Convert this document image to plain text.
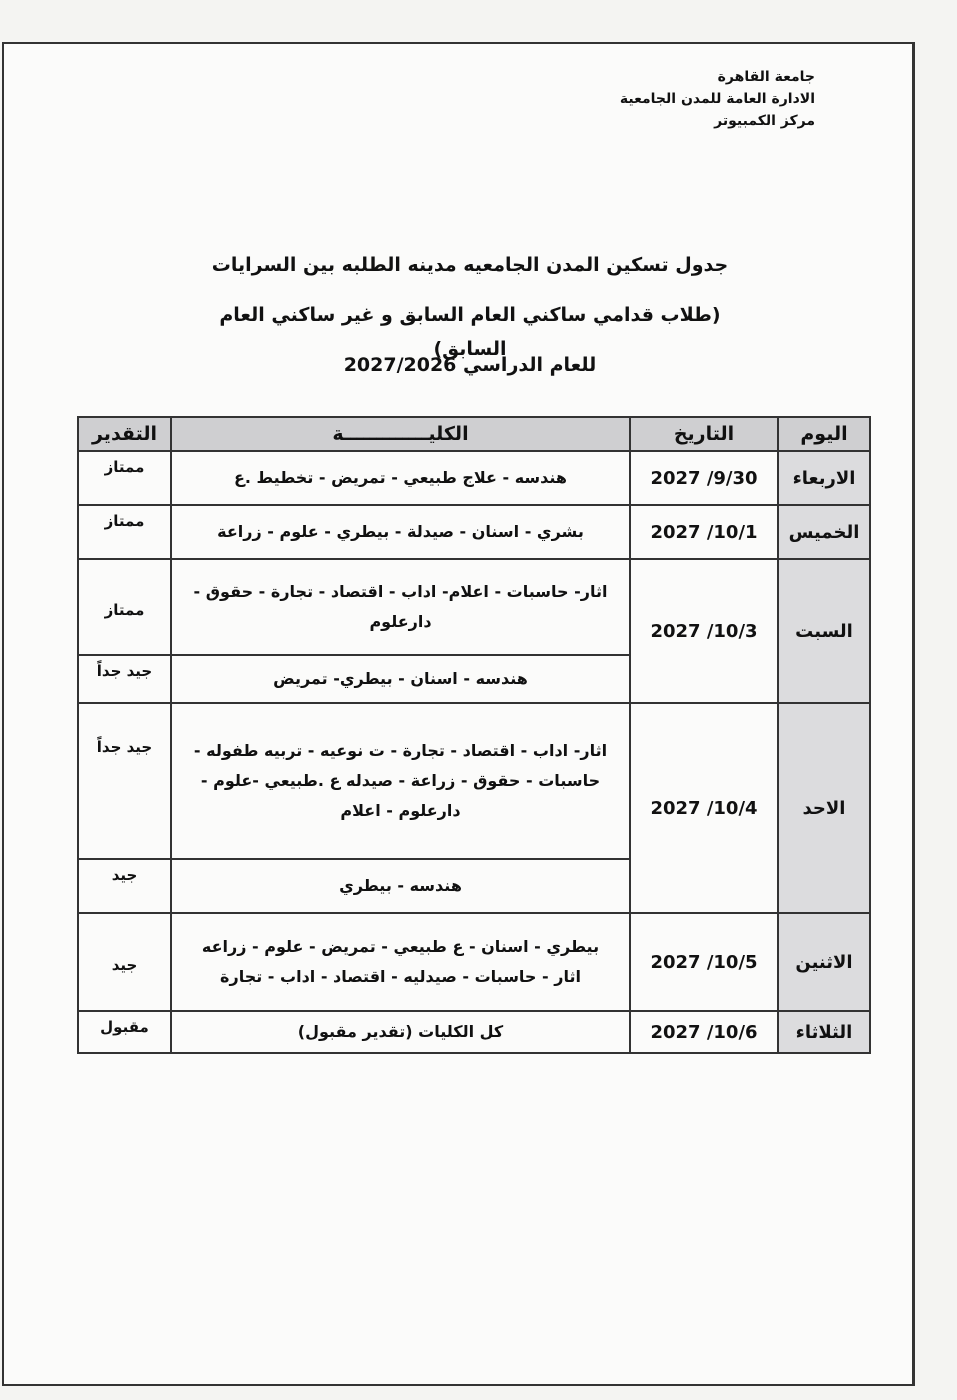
جامعة القاهرة
الادارة العامة للمدن الجامعية
مركز الكمبيوتر
جدول تسكين المدن الجامعيه مدينه الطلبه بين السرايات
(طلاب قدامي ساكني العام السابق و غير ساكني العام السابق)
للعام الدراسي 2027/2026
اليوم	التاريخ	الكليـــــــــــــة	التقدير
الاربعاء	2027 /9/30	هندسه - علاج طبيعي - تمريض - تخطيط .ع	ممتاز
الخميس	2027 /10/1	بشري - اسنان - صيدلة - بيطري - علوم - زراعة	ممتاز
السبت	2027 /10/3	اثار- حاسبات - اعلام- اداب - اقتصاد - تجارة - حقوق - دارعلوم	ممتاز
		هندسه - اسنان - بيطري- تمريض	جيد جداً
الاحد	2027 /10/4	اثار- اداب - اقتصاد - تجارة - ت نوعيه - تربيه طفوله - حاسبات - حقوق - زراعة - صيدله ع .طبيعي -علوم - دارعلوم - اعلام	جيد جداً
		هندسه - بيطري	جيد
الاثنين	2027 /10/5	بيطري - اسنان - ع طبيعي - تمريض - علوم - زراعه اثار - حاسبات - صيدليه - اقتصاد - اداب - تجارة	جيد
الثلاثاء	2027 /10/6	كل الكليات (تقدير مقبول)	مقبول
